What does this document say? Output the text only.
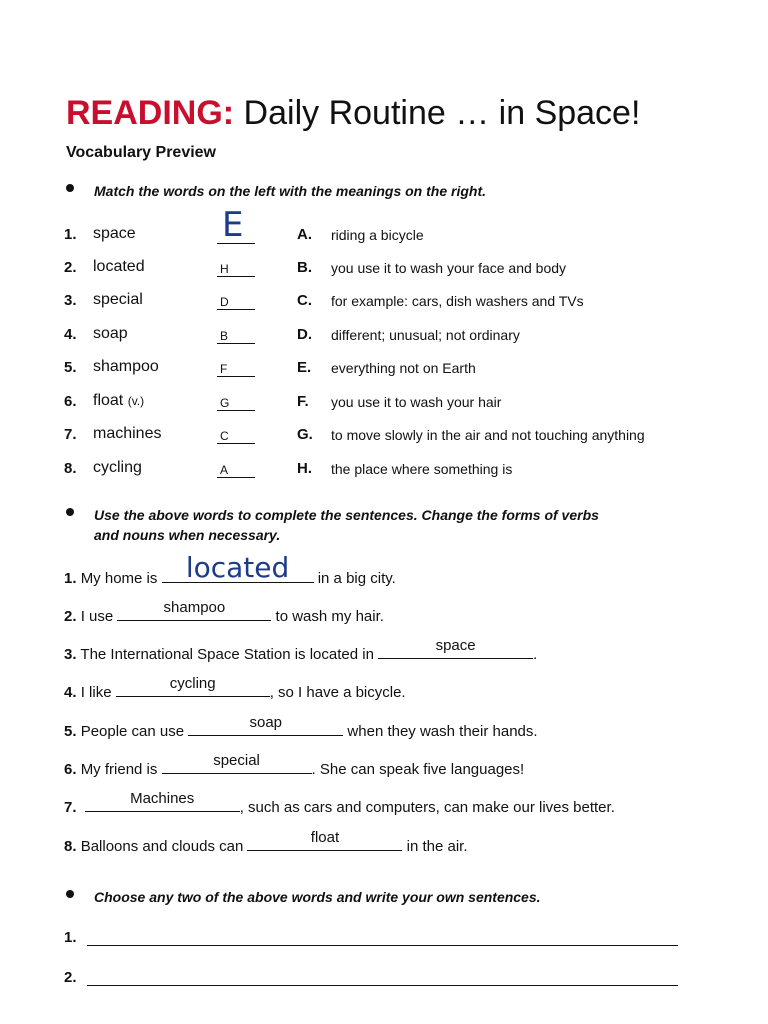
READING: Daily Routine … in Space!
Vocabulary Preview
Match the words on the left with the meanings on the right.
1. space	E	A. riding a bicycle
2. located	H	B. you use it to wash your face and body
3. special	D	C. for example: cars, dish washers and TVs
4. soap	B	D. different; unusual; not ordinary
5. shampoo	F	E. everything not on Earth
6. float (v.)	G	F. you use it to wash your hair
7. machines	C	G. to move slowly in the air and not touching anything
8. cycling	A	H. the place where something is
Use the above words to complete the sentences. Change the forms of verbs
and nouns when necessary.
1. My home is located	in a big city.
2. I use
shampoo
to wash my hair.
3. The International Space Station is located in
space
.
4. I like
cycling
, so I have a bicycle.
5. People can use
soap
when they wash their hands.
6. My friend is
special
. She can speak five languages!
7.
Machines
, such as cars and computers, can make our lives better.
8. Balloons and clouds can
float
in the air.
Choose any two of the above words and write your own sentences.
1.
2.
